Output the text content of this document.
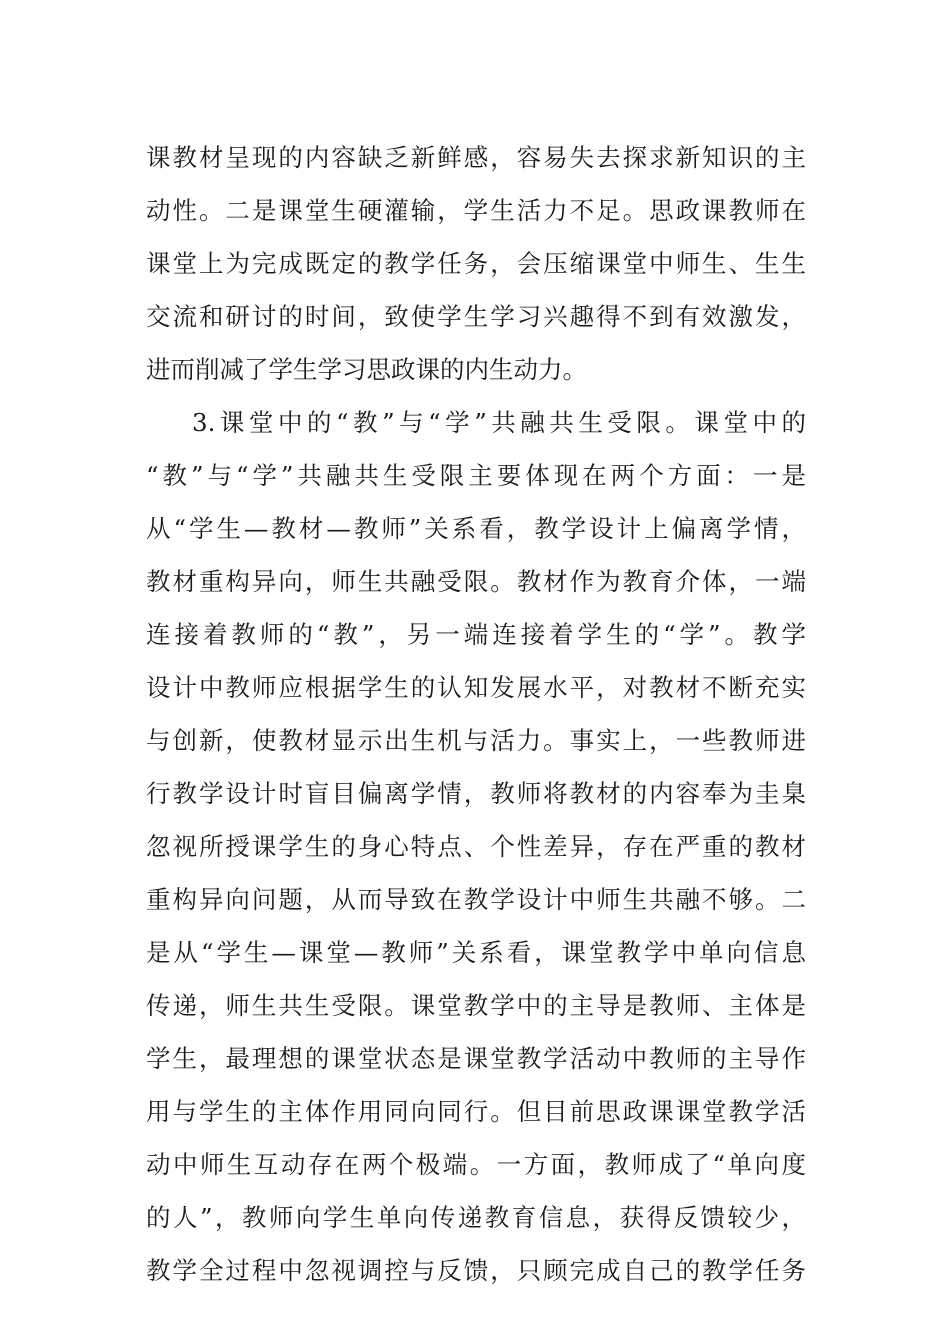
课教材呈现的内容缺乏新鲜感，容易失去探求新知识的主
动性。二是课堂生硬灌输，学生活力不足。思政课教师在
课堂上为完成既定的教学任务，会压缩课堂中师生、生生
交流和研讨的时间，致使学生学习兴趣得不到有效激发，
进而削减了学生学习思政课的内生动力。
3.课堂中的“教”与“学”共融共生受限。课堂中的
“教”与“学”共融共生受限主要体现在两个方面：一是
从“学生—教材—教师”关系看，教学设计上偏离学情，
教材重构异向，师生共融受限。教材作为教育介体，一端
连接着教师的“教”，另一端连接着学生的“学”。教学
设计中教师应根据学生的认知发展水平，对教材不断充实
与创新，使教材显示出生机与活力。事实上，一些教师进
行教学设计时盲目偏离学情，教师将教材的内容奉为圭臬
忽视所授课学生的身心特点、个性差异，存在严重的教材
重构异向问题，从而导致在教学设计中师生共融不够。二
是从“学生—课堂—教师”关系看，课堂教学中单向信息
传递，师生共生受限。课堂教学中的主导是教师、主体是
学生，最理想的课堂状态是课堂教学活动中教师的主导作
用与学生的主体作用同向同行。但目前思政课课堂教学活
动中师生互动存在两个极端。一方面，教师成了“单向度
的人”，教师向学生单向传递教育信息，获得反馈较少，
教学全过程中忽视调控与反馈，只顾完成自己的教学任务
